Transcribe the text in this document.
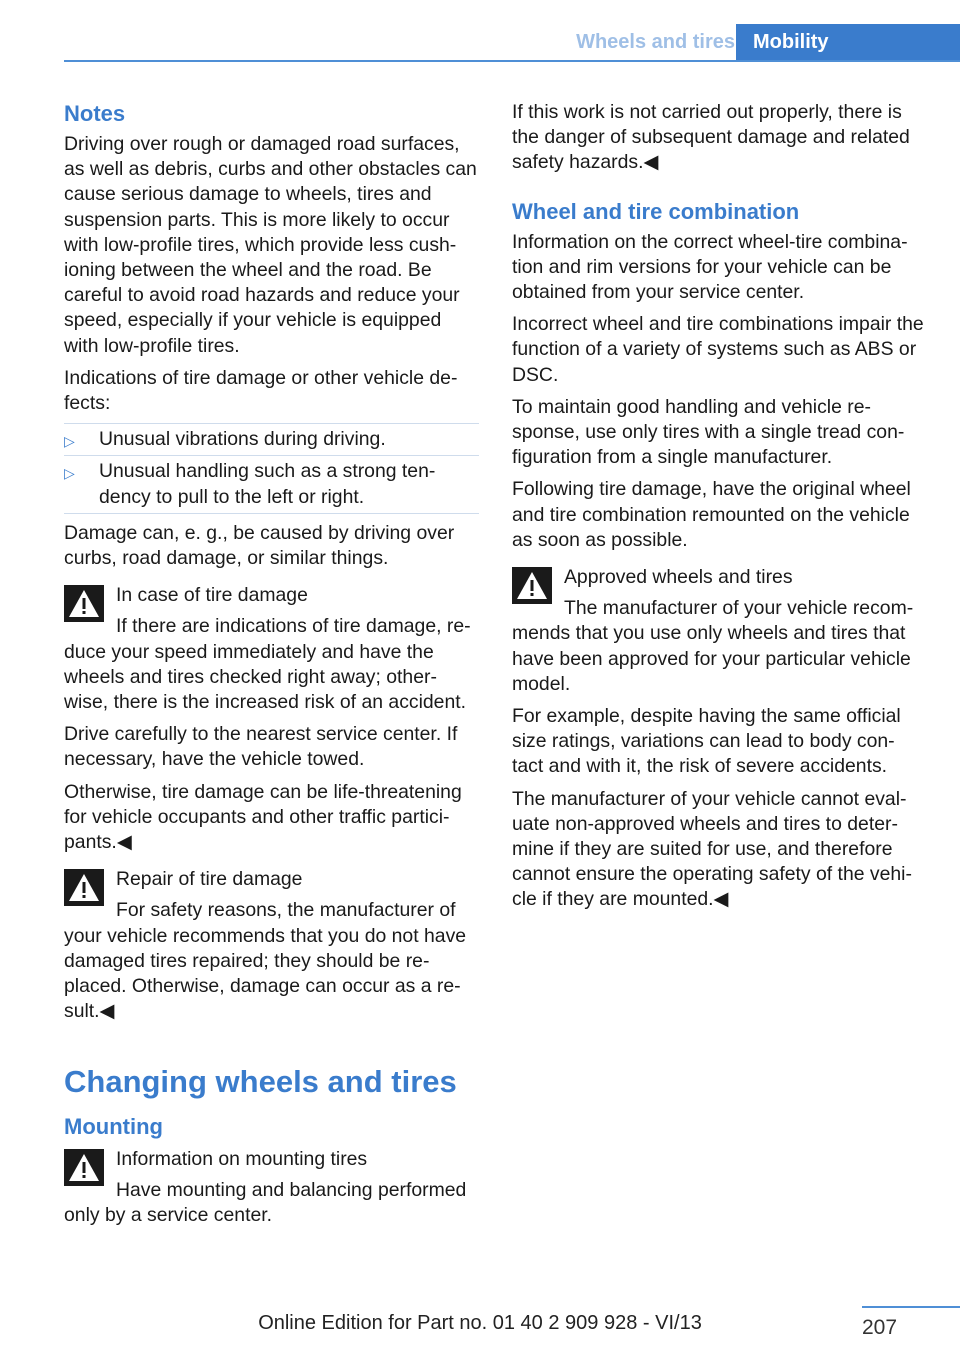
Wheels and tires Mobility
Notes

Driving over rough or damaged road surfaces, as well as debris, curbs and other obstacles can cause serious damage to wheels, tires and suspension parts. This is more likely to occur with low-profile tires, which provide less cush‐ ioning between the wheel and the road. Be careful to avoid road hazards and reduce your speed, especially if your vehicle is equipped with low-profile tires.

Indications of tire damage or other vehicle de‐ fects:

▷ Unusual vibrations during driving.
▷ Unusual handling such as a strong ten‐ dency to pull to the left or right.

Damage can, e. g., be caused by driving over curbs, road damage, or similar things.

In case of tire damage
If there are indications of tire damage, re‐ duce your speed immediately and have the wheels and tires checked right away; other‐ wise, there is the increased risk of an accident.

Drive carefully to the nearest service center. If necessary, have the vehicle towed.

Otherwise, tire damage can be life-threatening for vehicle occupants and other traffic partici‐ pants.◀

Repair of tire damage
For safety reasons, the manufacturer of your vehicle recommends that you do not have damaged tires repaired; they should be re‐ placed. Otherwise, damage can occur as a re‐ sult.◀
Changing wheels and tires
Mounting
Information on mounting tires
Have mounting and balancing performed only by a service center.

If this work is not carried out properly, there is the danger of subsequent damage and related safety hazards.◀

Wheel and tire combination

Information on the correct wheel-tire combina‐ tion and rim versions for your vehicle can be obtained from your service center.

Incorrect wheel and tire combinations impair the function of a variety of systems such as ABS or DSC.

To maintain good handling and vehicle re‐ sponse, use only tires with a single tread con‐ figuration from a single manufacturer.

Following tire damage, have the original wheel and tire combination remounted on the vehicle as soon as possible.

Approved wheels and tires
The manufacturer of your vehicle recom‐ mends that you use only wheels and tires that have been approved for your particular vehicle model.

For example, despite having the same official size ratings, variations can lead to body con‐ tact and with it, the risk of severe accidents.

The manufacturer of your vehicle cannot eval‐ uate non-approved wheels and tires to deter‐ mine if they are suited for use, and therefore cannot ensure the operating safety of the vehi‐ cle if they are mounted.◀

207
Online Edition for Part no. 01 40 2 909 928 - VI/13
